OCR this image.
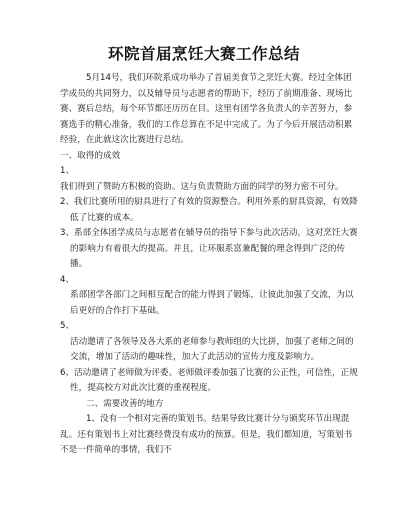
环院首届烹饪大赛工作总结

5月14号，我们环院系成功举办了首届美食节之烹饪大赛。经过全体团学成员的共同努力，以及辅导员与志愿者的帮助下，经历了前期准备、现场比赛、赛后总结，每个环节都还历历在目。这里有团学各负责人的辛苦努力，参赛选手的精心准备，我们的工作总算在不足中完成了。为了今后开展活动积累经验，在此就这次比赛进行总结。

一、取得的成效

1、

我们得到了赞助方积极的资助。这与负责赞助方面的同学的努力密不可分。

2、我们比赛所用的厨具进行了有效的资源整合。利用外系的厨具资源，有效降低了比赛的成本。

3、系部全体团学成员与志愿者在辅导员的指导下参与此次活动，这对烹饪大赛的影响力有着很大的提高。并且，让环服系富兼配餐的理念得到广泛的传播。

4、

系部团学各部门之间相互配合的能力得到了锻炼，让彼此加强了交流，为以后更好的合作打下基础。

5、

活动邀请了各领导及各大系的老师参与教师组的大比拼，加强了老师之间的交流，增加了活动的趣味性，加大了此活动的宣传力度及影响力。

6、活动邀请了老师做为评委。老师做评委加强了比赛的公正性，可信性，正规性，提高校方对此次比赛的重视程度。

二、需要改善的地方

1、没有一个相对完善的策划书。结果导致比赛计分与颁奖环节出现混乱。还有策划书上对比赛经费没有成功的预算。但是，我们都知道，写策划书不是一件简单的事情，我们不
